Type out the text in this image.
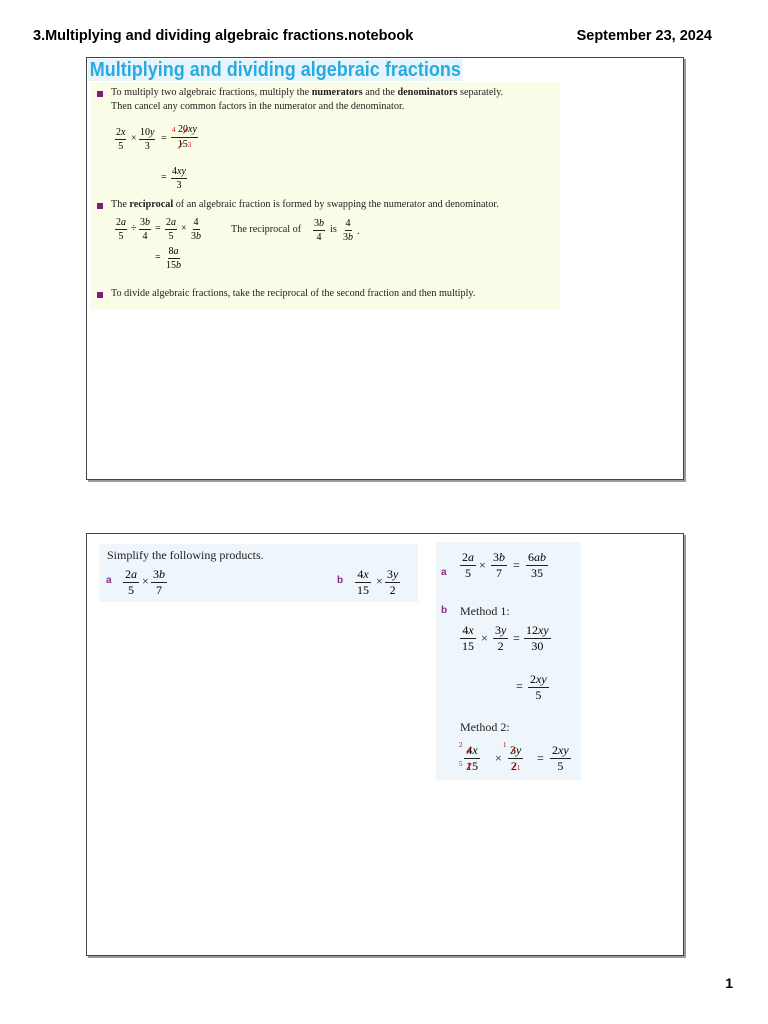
3.Multiplying and dividing algebraic fractions.notebook	September 23, 2024
Multiplying and dividing algebraic fractions
To multiply two algebraic fractions, multiply the numerators and the denominators separately.
Then cancel any common factors in the numerator and the denominator.
$\frac{2x}{5} \times \frac{10y}{3} = \frac{4 20xy}{153}$
= $\frac{4xy}{3}$
The reciprocal of an algebraic fraction is formed by swapping the numerator and denominator.
$\frac{2a}{5} \div \frac{3b}{4} = \frac{2a}{5} \times \frac{4}{3b}$
= $\frac{8a}{15b}$
The reciprocal of $\frac{3b}{4}$ is $\frac{4}{3b}$ .
To divide algebraic fractions, take the reciprocal of the second fraction and then multiply.
Simplify the following products.
a 2a
5
× 3b
7
b 4x
15
× 3y
2
a
2a
5
×
3b
7
=
6ab
35
b Method 1:
4x
15
×
3y
2
=
12xy
30
= 2xy
5
Method 2:
2 4x
5 15
×
1 3y
21
=
2xy
5
1
